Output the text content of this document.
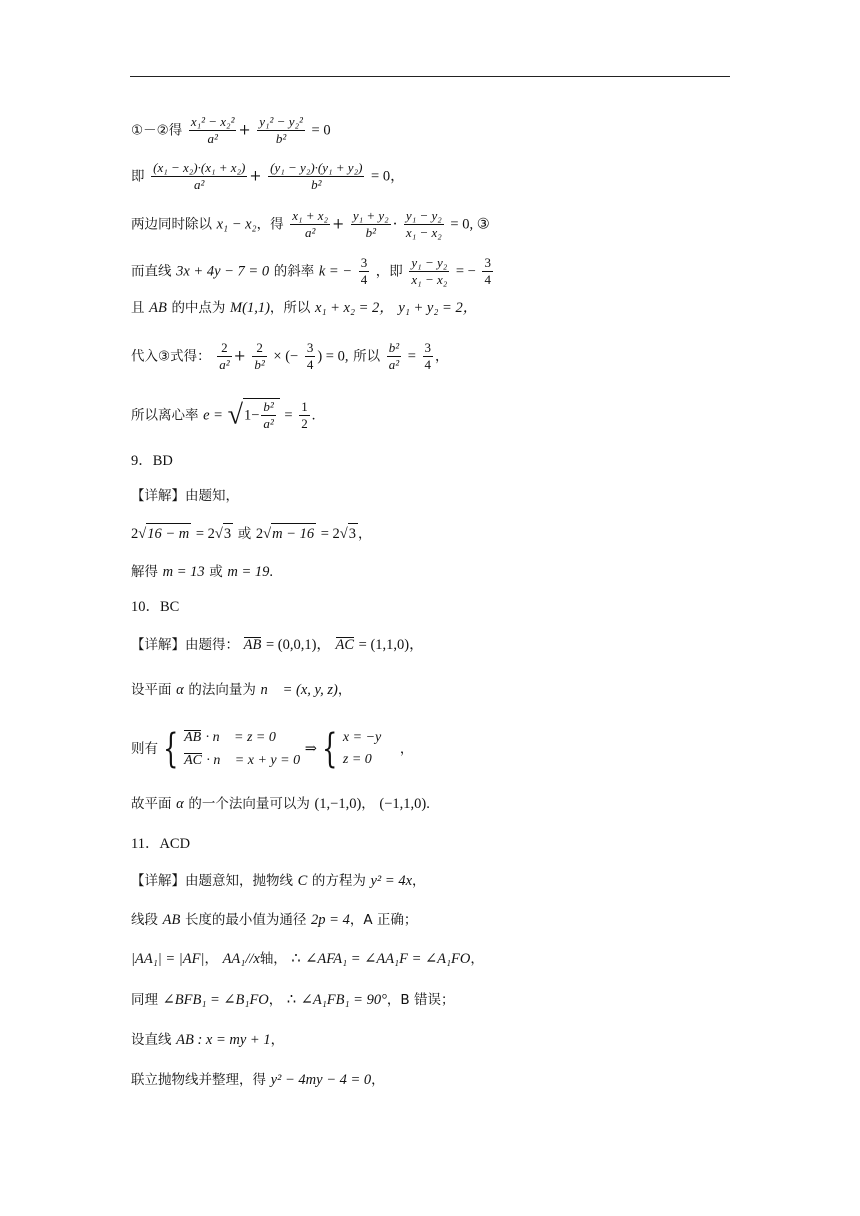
①－②得 $\frac{\text{x₁² − x₂²}}{\text{a²}} + \frac{\text{y₁² − y₂²}}{\text{b²}} = 0$
即 $\frac{\text{(x₁ − x₂)·(x₁ + x₂)}}{\text{a²}} + \frac{\text{(y₁ − y₂)·(y₁ + y₂)}}{\text{b²}} = 0$，
两边同时除以 x₁ − x₂，得 $\frac{\text{x₁ + x₂}}{\text{a²}} + \frac{\text{y₁ + y₂}}{\text{b²}} \cdot \frac{\text{y₁ − y₂}}{\text{x₁ − x₂}} = 0$, ③
而直线 3x + 4y − 7 = 0 的斜率 k = − $\frac{3}{4}$ ，即 $\frac{\text{y₁ − y₂}}{\text{x₁ − x₂}}$ = − $\frac{3}{4}$
且 AB 的中点为 M(1,1)，所以 x₁ + x₂ = 2， y₁ + y₂ = 2，
代入③式得： $\frac{2}{\text{a²}} + \frac{2}{\text{b²}}$ × (− $\frac{3}{4}$ ) = 0, 所以 $\frac{\text{b²}}{\text{a²}} = \frac{3}{4}$ ，
所以离心率 $e = √1- \frac{\text{b²}}{\text{a²}} = \frac{1}{2}$ .
9．BD
【详解】由题知，
2√16 − m = 2√3 或 2√m − 16 = 2√3 ，
解得 m = 13 或 m = 19.
10．BC
【详解】由题得： AB = (0,0,1)， AC = (1,1,0)，
设平面 α 的法向量为 n⃗ = (x, y, z)，
则有 { AB · n⃗ = z = 0
AC · n⃗ = x + y = 0
⇒ { x = −y
z = 0
，
故平面 α 的一个法向量可以为 (1,−1,0)， (−1,1,0).
11．ACD
【详解】由题意知，抛物线 C 的方程为 y² = 4x，
线段 AB 长度的最小值为通径 2p = 4，A 正确；
|AA₁| = |AF|， AA₁//x轴， ∴ ∠AFA₁ = ∠AA₁F = ∠A₁FO，
同理 ∠BFB₁ = ∠B₁FO， ∴ ∠A₁FB₁ = 90°，B 错误；
设直线 AB : x = my + 1，
联立抛物线并整理，得 y² − 4my − 4 = 0，
